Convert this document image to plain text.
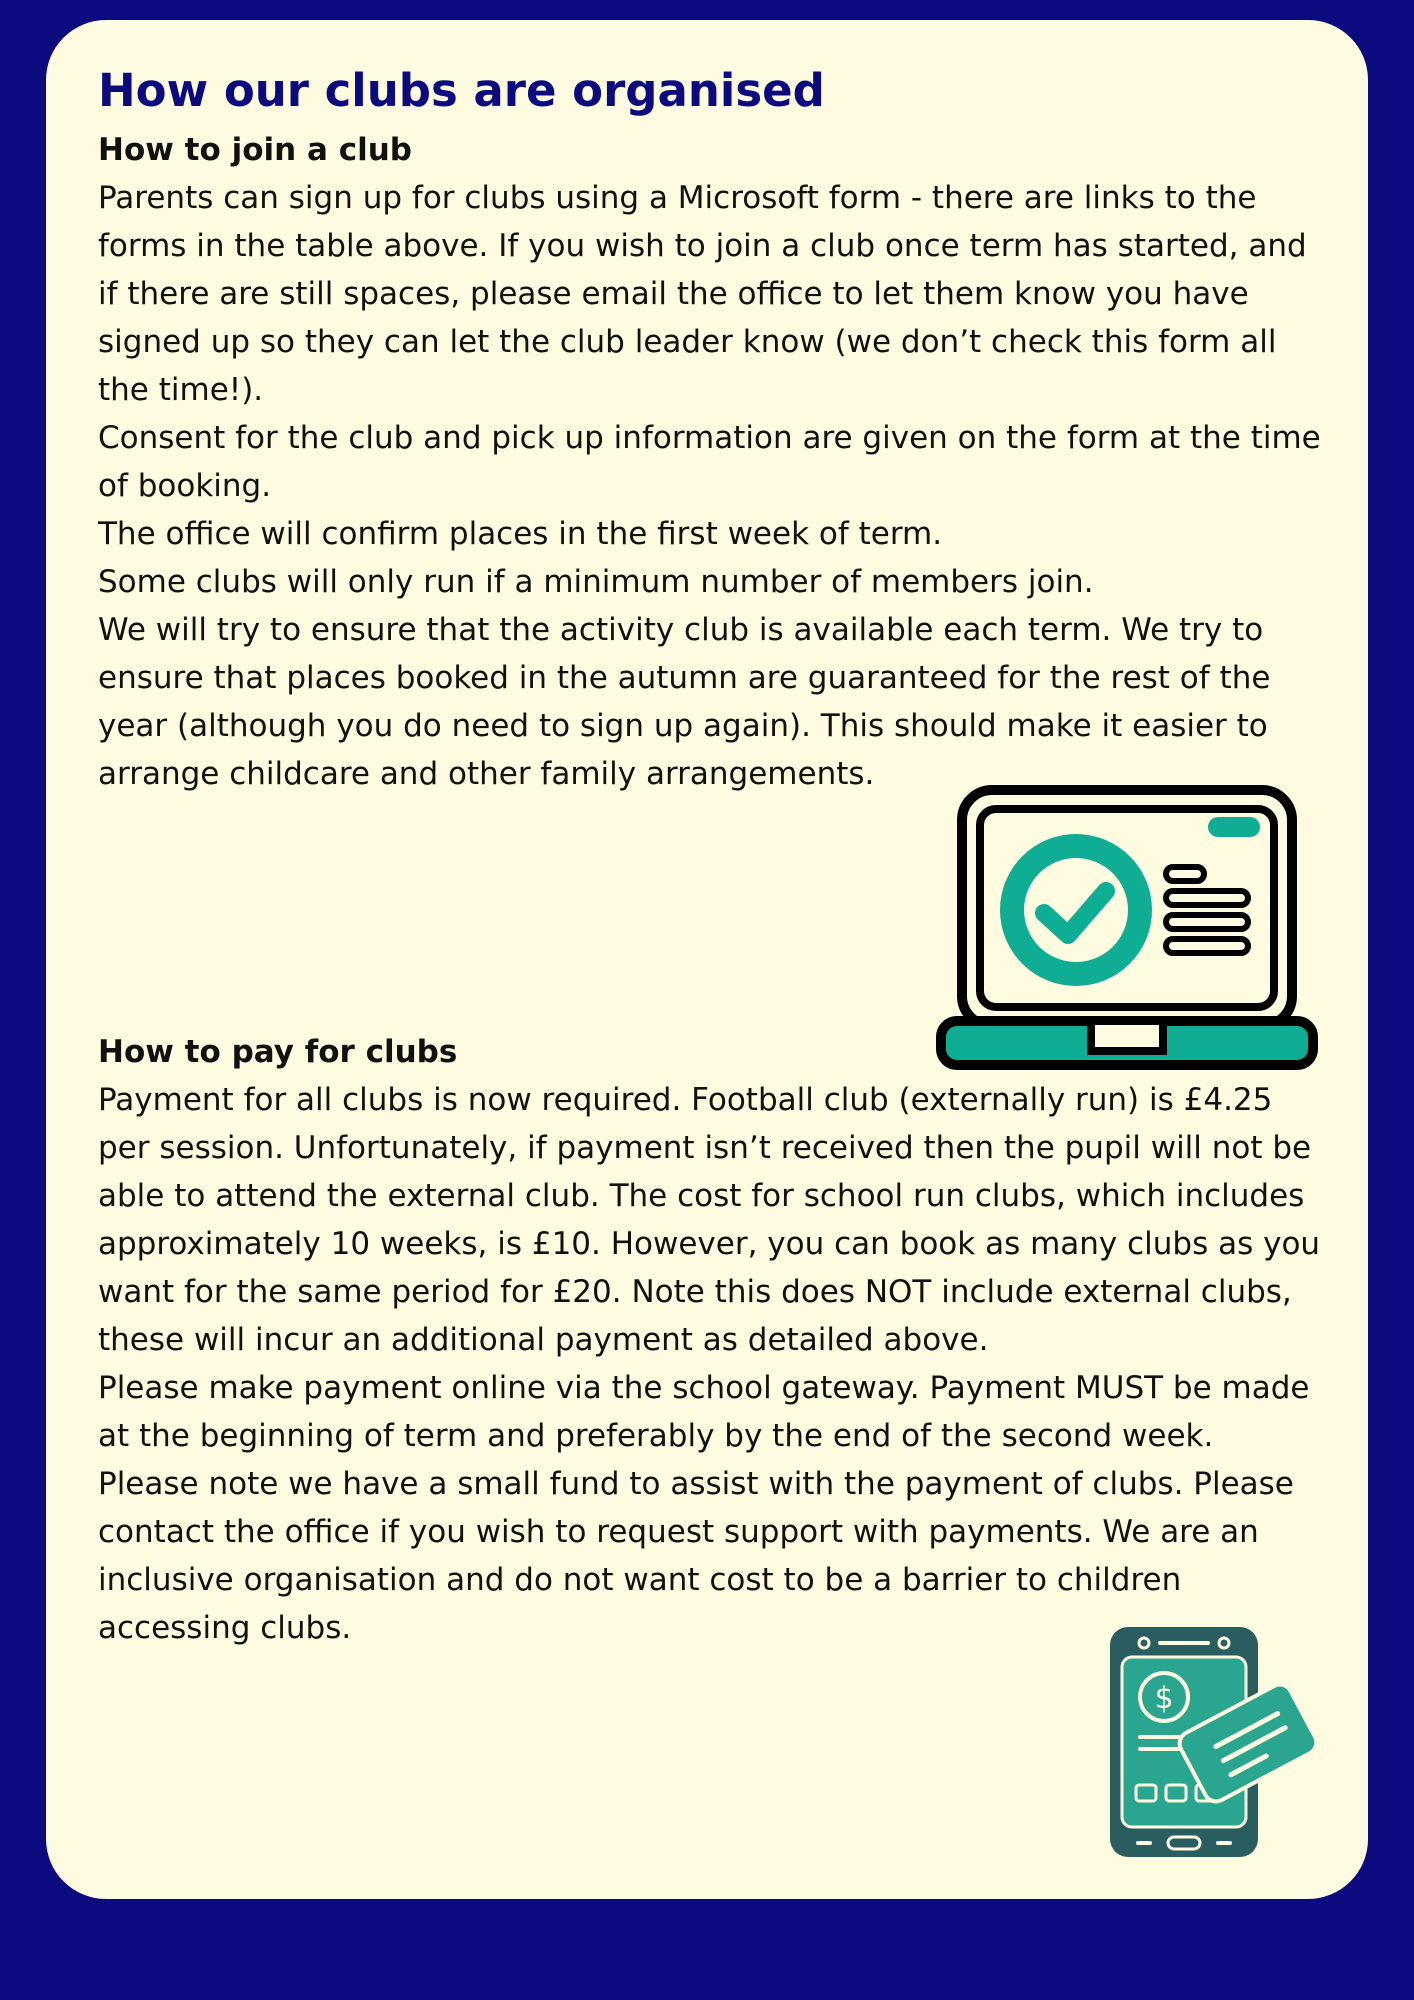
How our clubs are organised
How to join a club

Parents can sign up for clubs using a Microsoft form - there are links to the forms in the table above. If you wish to join a club once term has started, and if there are still spaces, please email the office to let them know you have signed up so they can let the club leader know (we don’t check this form all the time!).

Consent for the club and pick up information are given on the form at the time of booking.

The office will confirm places in the first week of term.

Some clubs will only run if a minimum number of members join.

We will try to ensure that the activity club is available each term. We try to ensure that places booked in the autumn are guaranteed for the rest of the year (although you do need to sign up again). This should make it easier to arrange childcare and other family arrangements.

How to pay for clubs

Payment for all clubs is now required. Football club (externally run) is £4.25 per session. Unfortunately, if payment isn’t received then the pupil will not be able to attend the external club. The cost for school run clubs, which includes approximately 10 weeks, is £10. However, you can book as many clubs as you want for the same period for £20. Note this does NOT include external clubs, these will incur an additional payment as detailed above.

Please make payment online via the school gateway. Payment MUST be made at the beginning of term and preferably by the end of the second week. Please note we have a small fund to assist with the payment of clubs. Please contact the office if you wish to request support with payments. We are an inclusive organisation and do not want cost to be a barrier to children accessing clubs.

$
